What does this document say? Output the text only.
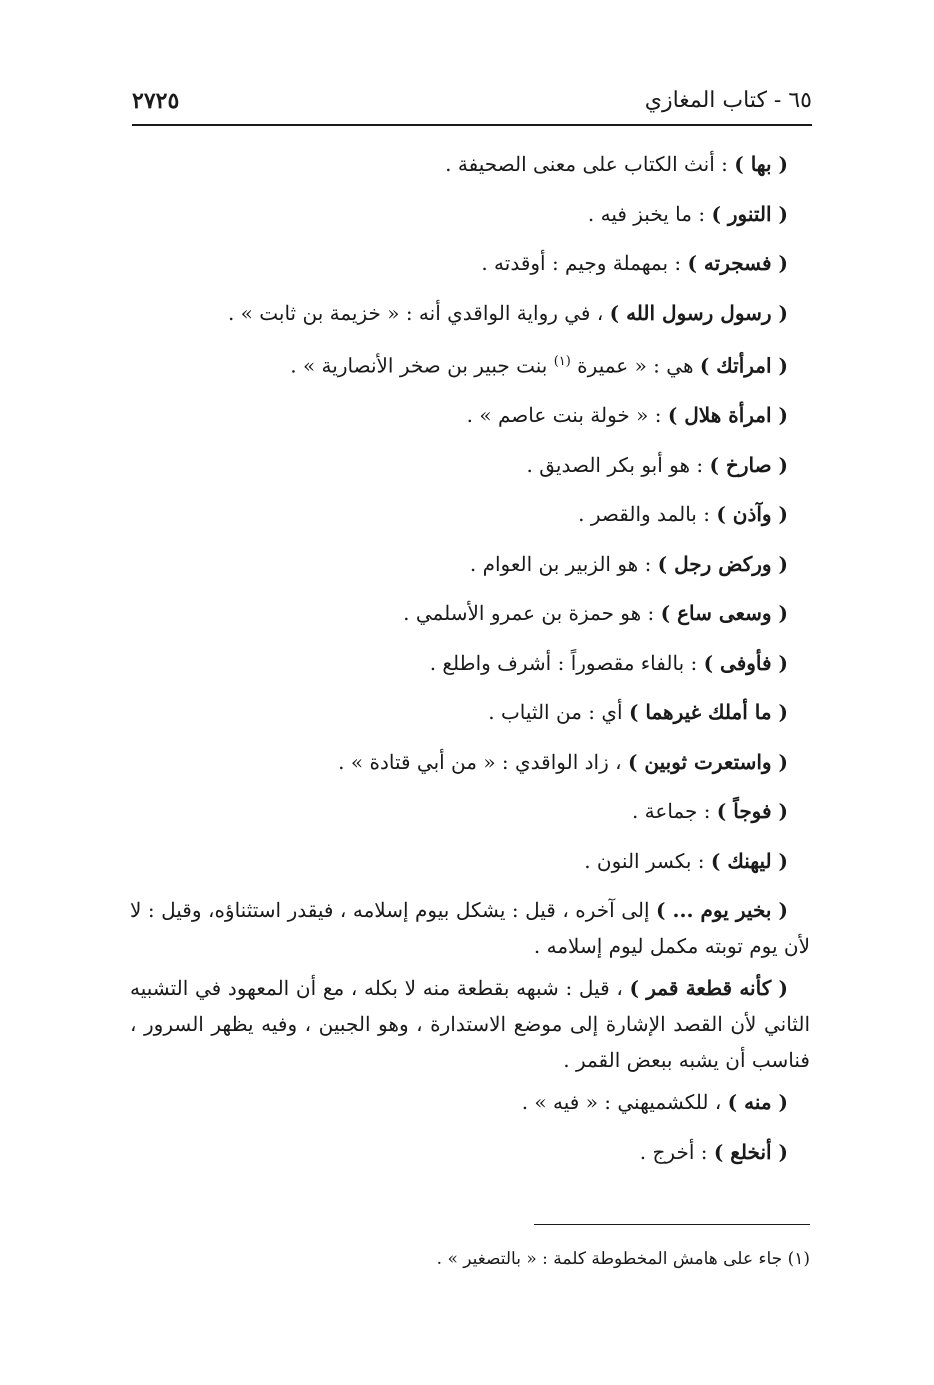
٦٥ - كتاب المغازي
٢٧٢٥
( بها ) : أنث الكتاب على معنى الصحيفة .
( التنور ) : ما يخبز فيه .
( فسجرته ) : بمهملة وجيم : أوقدته .
( رسول رسول الله ) ، في رواية الواقدي أنه : « خزيمة بن ثابت » .
( امرأتك ) هي : « عميرة $^{(١)}$ بنت جبير بن صخر الأنصارية » .
( امرأة هلال ) : « خولة بنت عاصم » .
( صارخ ) : هو أبو بكر الصديق .
( وآذن ) : بالمد والقصر .
( وركض رجل ) : هو الزبير بن العوام .
( وسعى ساع ) : هو حمزة بن عمرو الأسلمي .
( فأوفى ) : بالفاء مقصوراً : أشرف واطلع .
( ما أملك غيرهما ) أي : من الثياب .
( واستعرت ثوبين ) ، زاد الواقدي : « من أبي قتادة » .
( فوجاً ) : جماعة .
( ليهنك ) : بكسر النون .
( بخير يوم ... ) إلى آخره ، قيل : يشكل بيوم إسلامه ، فيقدر استثناؤه، وقيل : لا لأن يوم توبته مكمل ليوم إسلامه .
( كأنه قطعة قمر ) ، قيل : شبهه بقطعة منه لا بكله ، مع أن المعهود في التشبيه الثاني لأن القصد الإشارة إلى موضع الاستدارة ، وهو الجبين ، وفيه يظهر السرور ، فناسب أن يشبه ببعض القمر .
( منه ) ، للكشميهني : « فيه » .
( أنخلع ) : أخرج .
(١) جاء على هامش المخطوطة كلمة : « بالتصغير » .
